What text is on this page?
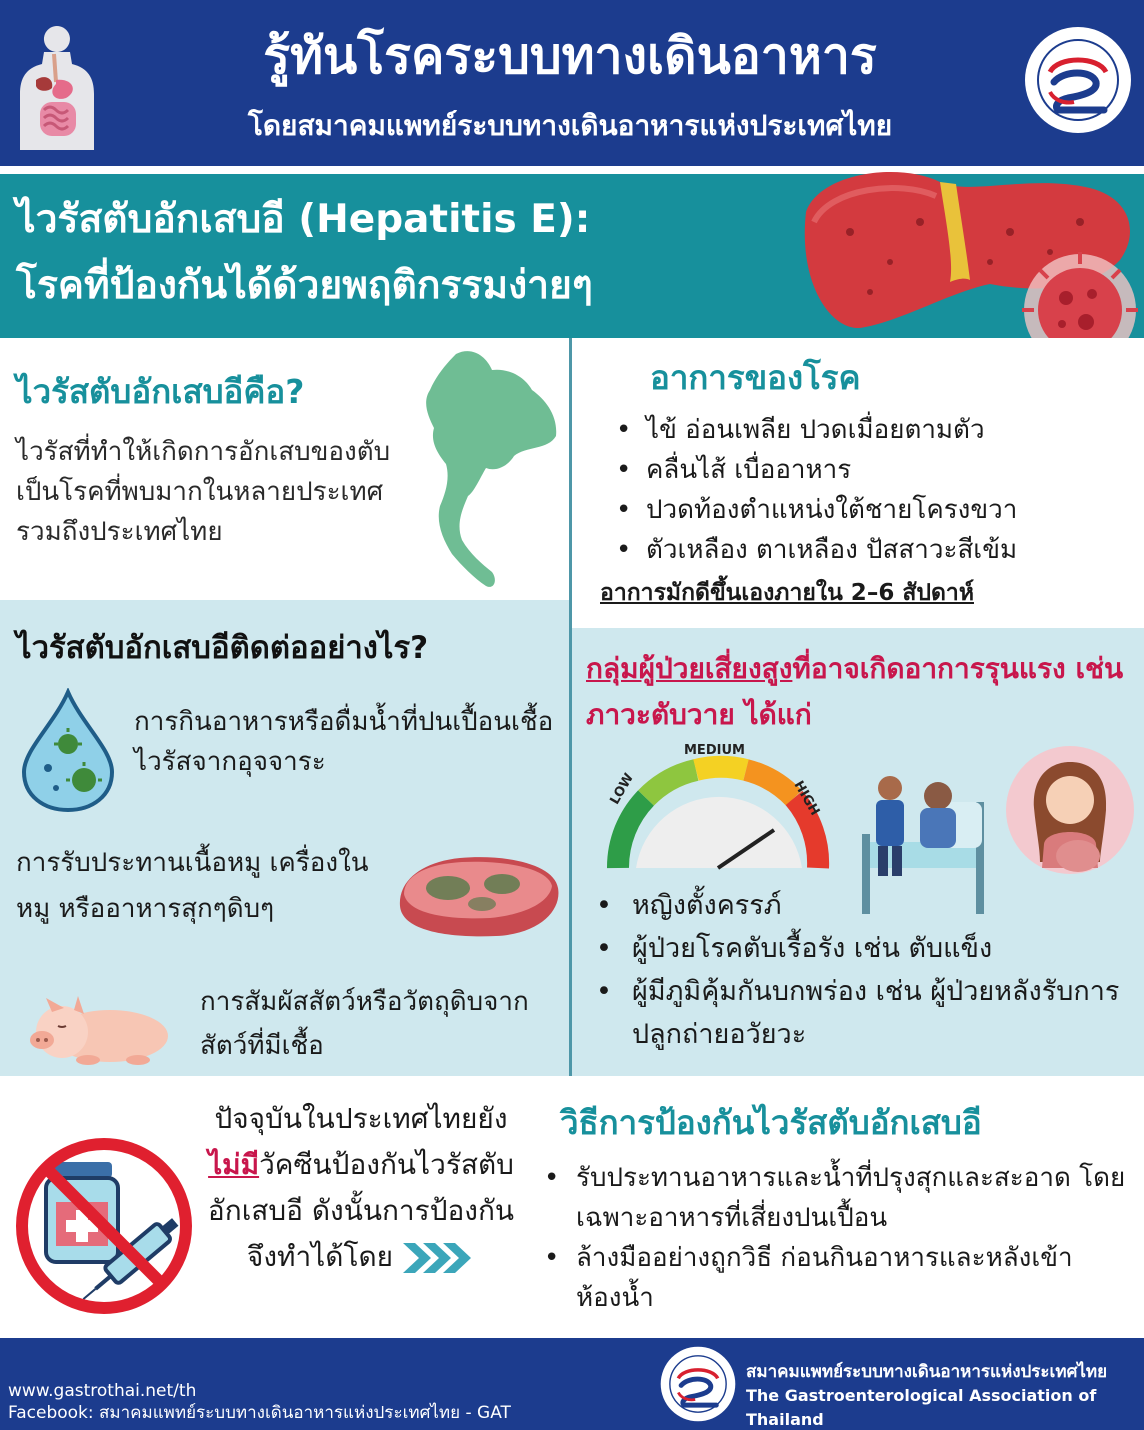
รู้ทันโรคระบบทางเดินอาหาร
โดยสมาคมแพทย์ระบบทางเดินอาหารแห่งประเทศไทย
ไวรัสตับอักเสบอี (Hepatitis E):
โรคที่ป้องกันได้ด้วยพฤติกรรมง่ายๆ
ไวรัสตับอักเสบอีคือ?
ไวรัสที่ทำให้เกิดการอักเสบของตับ เป็นโรคที่พบมากในหลายประเทศ รวมถึงประเทศไทย
อาการของโรค
• ไข้ อ่อนเพลีย ปวดเมื่อยตามตัว
• คลื่นไส้ เบื่ออาหาร
• ปวดท้องตำแหน่งใต้ชายโครงขวา
• ตัวเหลือง ตาเหลือง ปัสสาวะสีเข้ม
อาการมักดีขึ้นเองภายใน 2–6 สัปดาห์
ไวรัสตับอักเสบอีติดต่ออย่างไร?
การกินอาหารหรือดื่มน้ำที่ปนเปื้อนเชื้อไวรัสจากอุจจาระ
การรับประทานเนื้อหมู เครื่องในหมู หรืออาหารสุกๆดิบๆ
การสัมผัสสัตว์หรือวัตถุดิบจากสัตว์ที่มีเชื้อ
กลุ่มผู้ป่วยเสี่ยงสูงที่อาจเกิดอาการรุนแรง เช่น ภาวะตับวาย ได้แก่
LOW
MEDIUM
HIGH
• หญิงตั้งครรภ์
• ผู้ป่วยโรคตับเรื้อรัง เช่น ตับแข็ง
• ผู้มีภูมิคุ้มกันบกพร่อง เช่น ผู้ป่วยหลังรับการปลูกถ่ายอวัยวะ
ปัจจุบันในประเทศไทยยังไม่มีวัคซีนป้องกันไวรัสตับอักเสบอี ดังนั้นการป้องกันจึงทำได้โดย
วิธีการป้องกันไวรัสตับอักเสบอี
• รับประทานอาหารและน้ำที่ปรุงสุกและสะอาด โดยเฉพาะอาหารที่เสี่ยงปนเปื้อน
• ล้างมืออย่างถูกวิธี ก่อนกินอาหารและหลังเข้าห้องน้ำ
www.gastrothai.net/th
Facebook: สมาคมแพทย์ระบบทางเดินอาหารแห่งประเทศไทย - GAT
สมาคมแพทย์ระบบทางเดินอาหารแห่งประเทศไทย
The Gastroenterological Association of Thailand
